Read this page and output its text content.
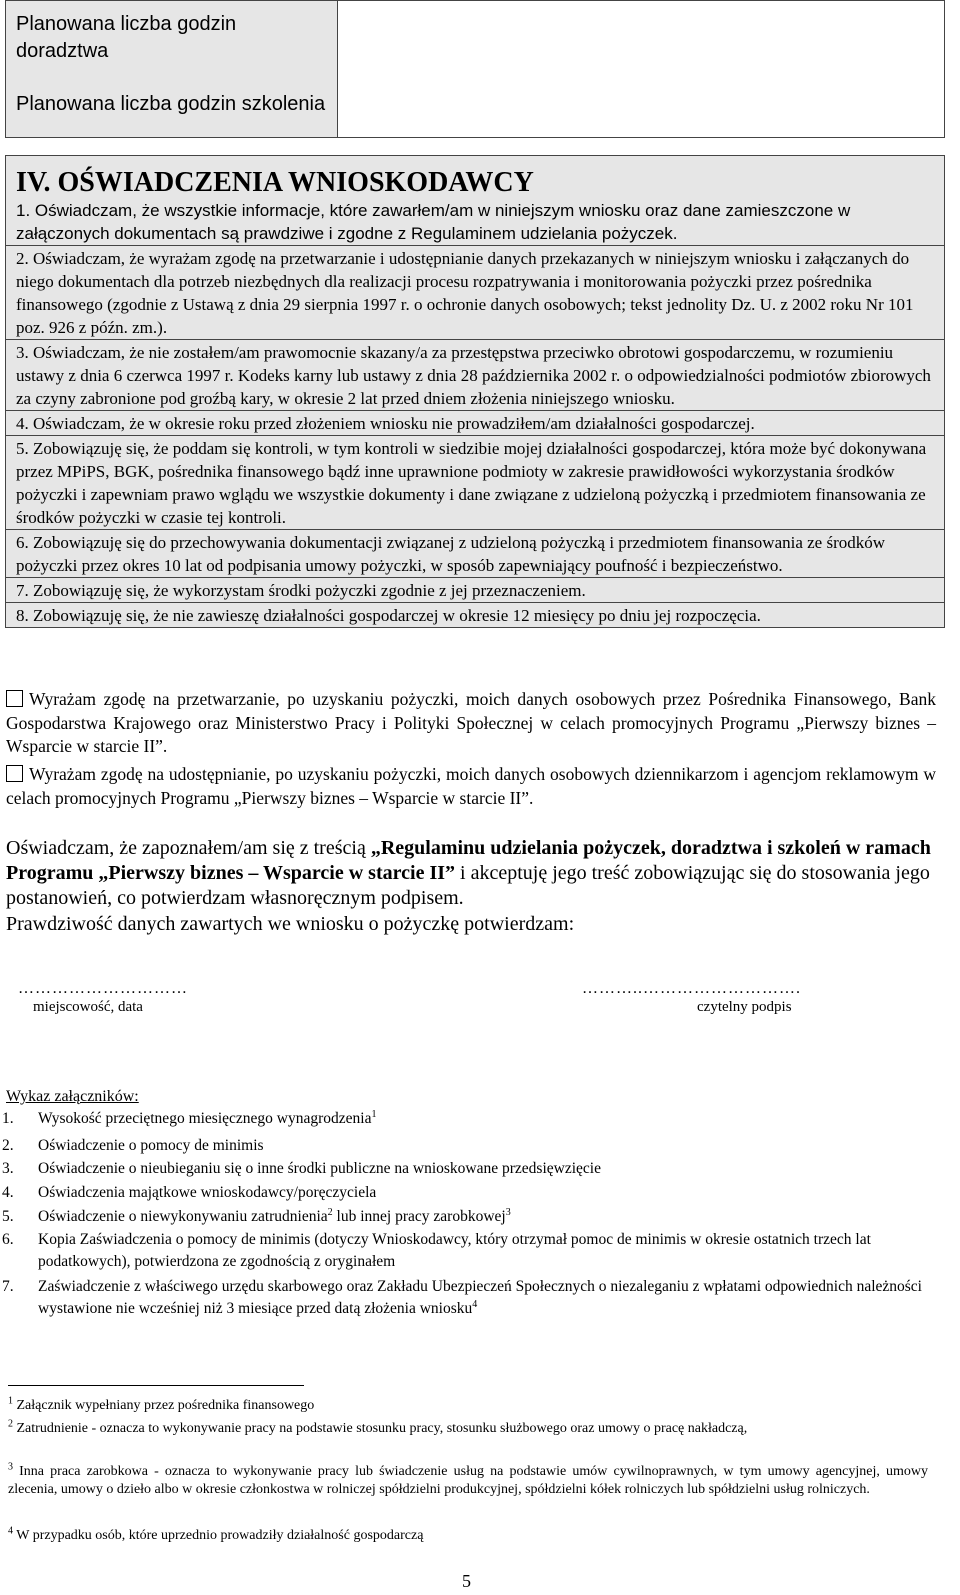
Planowana liczba godzin doradztwa

Planowana liczba godzin szkolenia

IV. OŚWIADCZENIA WNIOSKODAWCY
1. Oświadczam, że wszystkie informacje, które zawarłem/am w niniejszym wniosku oraz dane zamieszczone w załączonych dokumentach są prawdziwe i zgodne z Regulaminem udzielania pożyczek.
2. Oświadczam, że wyrażam zgodę na przetwarzanie i udostępnianie danych przekazanych w niniejszym wniosku i załączanych do niego dokumentach dla potrzeb niezbędnych dla realizacji procesu rozpatrywania i monitorowania pożyczki przez pośrednika finansowego (zgodnie z Ustawą z dnia 29 sierpnia 1997 r. o ochronie danych osobowych; tekst jednolity Dz. U. z 2002 roku Nr 101 poz. 926 z późn. zm.).
3. Oświadczam, że nie zostałem/am prawomocnie skazany/a za przestępstwa przeciwko obrotowi gospodarczemu, w rozumieniu ustawy z dnia 6 czerwca 1997 r. Kodeks karny lub ustawy z dnia 28 października 2002 r. o odpowiedzialności podmiotów zbiorowych za czyny zabronione pod groźbą kary, w okresie 2 lat przed dniem złożenia niniejszego wniosku.
4. Oświadczam, że w okresie roku przed złożeniem wniosku nie prowadziłem/am działalności gospodarczej.
5. Zobowiązuję się, że poddam się kontroli, w tym kontroli w siedzibie mojej działalności gospodarczej, która może być dokonywana przez MPiPS, BGK, pośrednika finansowego bądź inne uprawnione podmioty w zakresie prawidłowości wykorzystania środków pożyczki i zapewniam prawo wglądu we wszystkie dokumenty i dane związane z udzieloną pożyczką i przedmiotem finansowania ze środków pożyczki w czasie tej kontroli.
6. Zobowiązuję się do przechowywania dokumentacji związanej z udzieloną pożyczką i przedmiotem finansowania ze środków pożyczki przez okres 10 lat od podpisania umowy pożyczki, w sposób zapewniający poufność i bezpieczeństwo.
7. Zobowiązuję się, że wykorzystam środki pożyczki zgodnie z jej przeznaczeniem.
8. Zobowiązuję się, że nie zawieszę działalności gospodarczej w okresie 12 miesięcy po dniu jej rozpoczęcia.
Wyrażam zgodę na przetwarzanie, po uzyskaniu pożyczki, moich danych osobowych przez Pośrednika Finansowego, Bank Gospodarstwa Krajowego oraz Ministerstwo Pracy i Polityki Społecznej w celach promocyjnych Programu „Pierwszy biznes – Wsparcie w starcie II”.
Wyrażam zgodę na udostępnianie, po uzyskaniu pożyczki, moich danych osobowych dziennikarzom i agencjom reklamowym w celach promocyjnych Programu „Pierwszy biznes – Wsparcie w starcie II”.
Oświadczam, że zapoznałem/am się z treścią „Regulaminu udzielania pożyczek, doradztwa i szkoleń w ramach Programu „Pierwszy biznes – Wsparcie w starcie II” i akceptuję jego treść zobowiązując się do stosowania jego postanowień, co potwierdzam własnoręcznym podpisem.
Prawdziwość danych zawartych we wniosku o pożyczkę potwierdzam:
…………………………
miejscowość, data
………..……………………….
czytelny podpis
Wykaz załączników:
1.	Wysokość przeciętnego miesięcznego wynagrodzenia$^1$
2.	Oświadczenie o pomocy de minimis
3.	Oświadczenie o nieubieganiu się o inne środki publiczne na wnioskowane przedsięwzięcie
4.	Oświadczenia majątkowe wnioskodawcy/poręczyciela
5.	Oświadczenie o niewykonywaniu zatrudnienia$^2$ lub innej pracy zarobkowej$^3$
6.	Kopia Zaświadczenia o pomocy de minimis (dotyczy Wnioskodawcy, który otrzymał pomoc de minimis w okresie ostatnich trzech lat podatkowych), potwierdzona ze zgodnością z oryginałem
7.	Zaświadczenie z właściwego urzędu skarbowego oraz Zakładu Ubezpieczeń Społecznych o niezaleganiu z wpłatami odpowiednich należności wystawione nie wcześniej niż 3 miesiące przed datą złożenia wniosku$^4$
$^1$ Załącznik wypełniany przez pośrednika finansowego
$^2$ Zatrudnienie - oznacza to wykonywanie pracy na podstawie stosunku pracy, stosunku służbowego oraz umowy o pracę nakładczą,
$^3$ Inna praca zarobkowa - oznacza to wykonywanie pracy lub świadczenie usług na podstawie umów cywilnoprawnych, w tym umowy agencyjnej, umowy zlecenia, umowy o dzieło albo w okresie członkostwa w rolniczej spółdzielni produkcyjnej, spółdzielni kółek rolniczych lub spółdzielni usług rolniczych.
$^4$ W przypadku osób, które uprzednio prowadziły działalność gospodarczą
5
